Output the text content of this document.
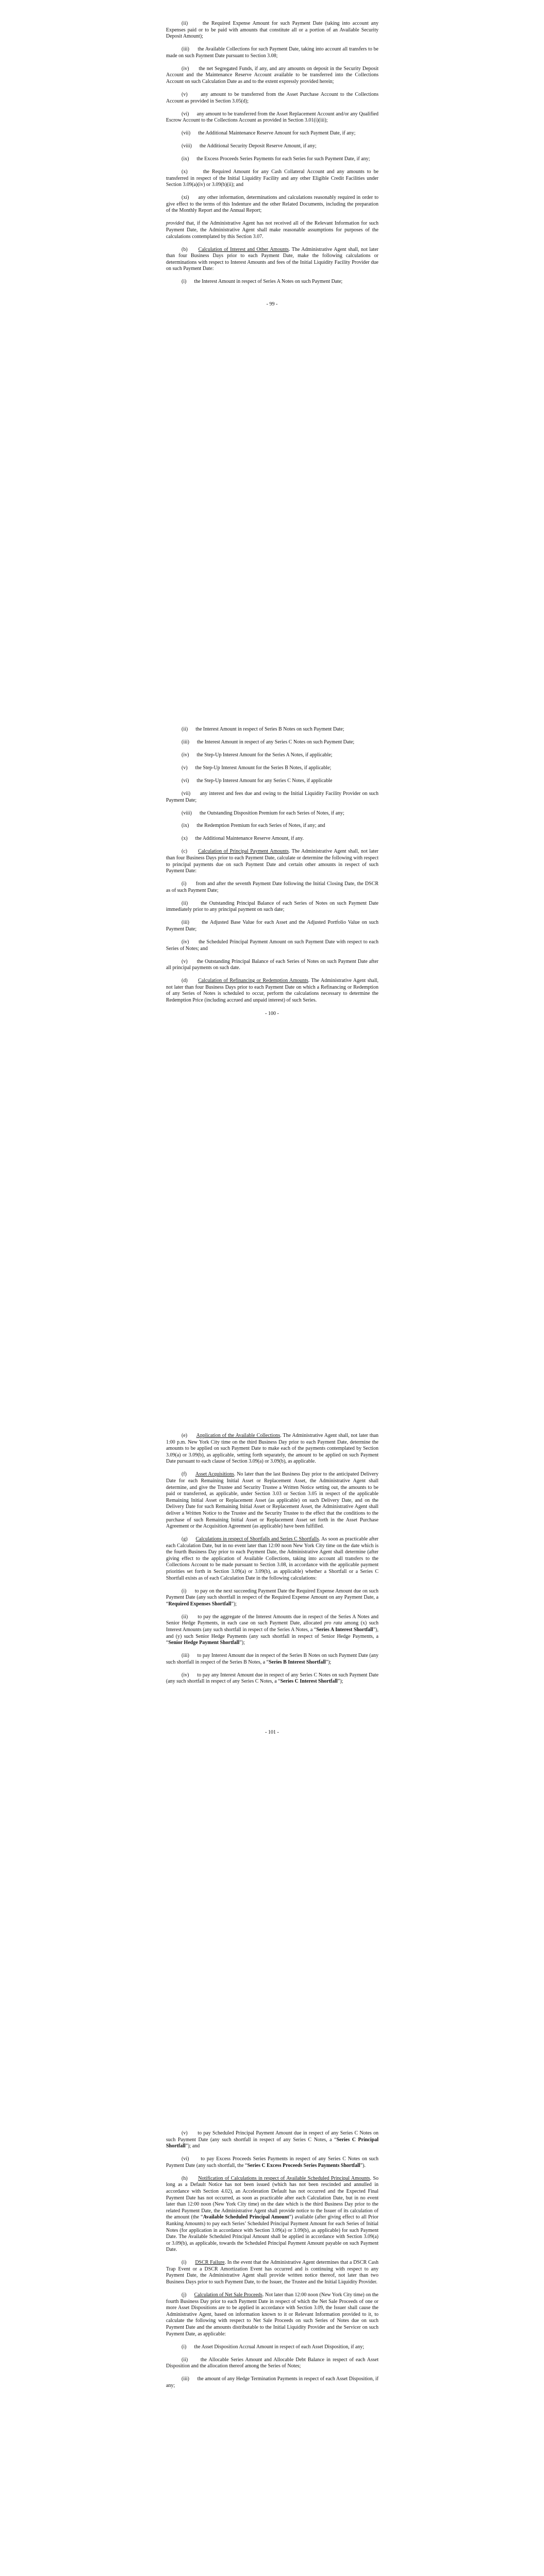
(ii)	the Required Expense Amount for such Payment Date (taking into account any Expenses paid or to be paid with amounts that constitute all or a portion of an Available Security Deposit Amount);

(iii) the Available Collections for such Payment Date, taking into account all transfers to be made on such Payment Date pursuant to Section 3.08;

(iv) the net Segregated Funds, if any, and any amounts on deposit in the Security Deposit Account and the Maintenance Reserve Account available to be transferred into the Collections Account on such Calculation Date as and to the extent expressly provided herein;

(v)	any amount to be transferred from the Asset Purchase Account to the Collections Account as provided in Section 3.05(d);

(vi) any amount to be transferred from the Asset Replacement Account and/or any Qualified Escrow Account to the Collections Account as provided in Section 3.01(i)(iii);

(vii) the Additional Maintenance Reserve Amount for such Payment Date, if any;

(viii) the Additional Security Deposit Reserve Amount, if any;

(ix) the Excess Proceeds Series Payments for each Series for such Payment Date, if any;

(x)	the Required Amount for any Cash Collateral Account and any amounts to be transferred in respect of the Initial Liquidity Facility and any other Eligible Credit Facilities under Section 3.09(a)(iv) or 3.09(b)(ii); and

(xi) any other information, determinations and calculations reasonably required in order to give effect to the terms of this Indenture and the other Related Documents, including the preparation of the Monthly Report and the Annual Report;

provided that, if the Administrative Agent has not received all of the Relevant Information for such Payment Date, the Administrative Agent shall make reasonable assumptions for purposes of the calculations contemplated by this Section 3.07.

(b) Calculation of Interest and Other Amounts. The Administrative Agent shall, not later than four Business Days prior to each Payment Date, make the following calculations or determinations with respect to Interest Amounts and fees of the Initial Liquidity Facility Provider due on such Payment Date:

(i) the Interest Amount in respect of Series A Notes on such Payment Date;

- 99 -

(ii) the Interest Amount in respect of Series B Notes on such Payment Date;

(iii) the Interest Amount in respect of any Series C Notes on such Payment Date;

(iv) the Step-Up Interest Amount for the Series A Notes, if applicable;

(v) the Step-Up Interest Amount for the Series B Notes, if applicable;

(vi) the Step-Up Interest Amount for any Series C Notes, if applicable

(vii) any interest and fees due and owing to the Initial Liquidity Facility Provider on such Payment Date;

(viii) the Outstanding Disposition Premium for each Series of Notes, if any;

(ix) the Redemption Premium for each Series of Notes, if any; and

(x) the Additional Maintenance Reserve Amount, if any.

(c) Calculation of Principal Payment Amounts. The Administrative Agent shall, not later than four Business Days prior to each Payment Date, calculate or determine the following with respect to principal payments due on such Payment Date and certain other amounts in respect of such Payment Date:

(i) from and after the seventh Payment Date following the Initial Closing Date, the DSCR as of such Payment Date;

(ii)	the Outstanding Principal Balance of each Series of Notes on such Payment Date immediately prior to any principal payment on such date;

(iii) the Adjusted Base Value for each Asset and the Adjusted Portfolio Value on such Payment Date;

(iv) the Scheduled Principal Payment Amount on such Payment Date with respect to each Series of Notes; and

(v) the Outstanding Principal Balance of each Series of Notes on such Payment Date after all principal payments on such date.

(d) Calculation of Refinancing or Redemption Amounts. The Administrative Agent shall, not later than four Business Days prior to each Payment Date on which a Refinancing or Redemption of any Series of Notes is scheduled to occur, perform the calculations necessary to determine the Redemption Price (including accrued and unpaid interest) of such Series.

- 100 -

(e) Application of the Available Collections. The Administrative Agent shall, not later than 1:00 p.m. New York City time on the third Business Day prior to each Payment Date, determine the amounts to be applied on such Payment Date to make each of the payments contemplated by Section 3.09(a) or 3.09(b), as applicable, setting forth separately, the amount to be applied on such Payment Date pursuant to each clause of Section 3.09(a) or 3.09(b), as applicable.

(f) Asset Acquisitions. No later than the last Business Day prior to the anticipated Delivery Date for each Remaining Initial Asset or Replacement Asset, the Administrative Agent shall determine, and give the Trustee and Security Trustee a Written Notice setting out, the amounts to be paid or transferred, as applicable, under Section 3.03 or Section 3.05 in respect of the applicable Remaining Initial Asset or Replacement Asset (as applicable) on such Delivery Date, and on the Delivery Date for such Remaining Initial Asset or Replacement Asset, the Administrative Agent shall deliver a Written Notice to the Trustee and the Security Trustee to the effect that the conditions to the purchase of such Remaining Initial Asset or Replacement Asset set forth in the Asset Purchase Agreement or the Acquisition Agreement (as applicable) have been fulfilled.

(g) Calculations in respect of Shortfalls and Series C Shortfalls. As soon as practicable after each Calculation Date, but in no event later than 12:00 noon New York City time on the date which is the fourth Business Day prior to each Payment Date, the Administrative Agent shall determine (after giving effect to the application of Available Collections, taking into account all transfers to the Collections Account to be made pursuant to Section 3.08, in accordance with the applicable payment priorities set forth in Section 3.09(a) or 3.09(b), as applicable) whether a Shortfall or a Series C Shortfall exists as of each Calculation Date in the following calculations:

(i) to pay on the next succeeding Payment Date the Required Expense Amount due on such Payment Date (any such shortfall in respect of the Required Expense Amount on any Payment Date, a “Required Expenses Shortfall”);

(ii) to pay the aggregate of the Interest Amounts due in respect of the Series A Notes and Senior Hedge Payments, in each case on such Payment Date, allocated pro rata among (x) such Interest Amounts (any such shortfall in respect of the Series A Notes, a “Series A Interest Shortfall”), and (y) such Senior Hedge Payments (any such shortfall in respect of Senior Hedge Payments, a “Senior Hedge Payment Shortfall”);

(iii) to pay Interest Amount due in respect of the Series B Notes on such Payment Date (any such shortfall in respect of the Series B Notes, a “Series B Interest Shortfall”);

(iv) to pay any Interest Amount due in respect of any Series C Notes on such Payment Date (any such shortfall in respect of any Series C Notes, a “Series C Interest Shortfall”);

- 101 -

(v) to pay Scheduled Principal Payment Amount due in respect of any Series C Notes on such Payment Date (any such shortfall in respect of any Series C Notes, a “Series C Principal Shortfall”); and

(vi) to pay Excess Proceeds Series Payments in respect of any Series C Notes on such Payment Date (any such shortfall, the “Series C Excess Proceeds Series Payments Shortfall”).

(h) Notification of Calculations in respect of Available Scheduled Principal Amounts. So long as a Default Notice has not been issued (which has not been rescinded and annulled in accordance with Section 4.02), an Acceleration Default has not occurred and the Expected Final Payment Date has not occurred, as soon as practicable after each Calculation Date, but in no event later than 12:00 noon (New York City time) on the date which is the third Business Day prior to the related Payment Date, the Administrative Agent shall provide notice to the Issuer of its calculation of the amount (the “Available Scheduled Principal Amount”) available (after giving effect to all Prior Ranking Amounts) to pay each Series’ Scheduled Principal Payment Amount for each Series of Initial Notes (for application in accordance with Section 3.09(a) or 3.09(b), as applicable) for such Payment Date. The Available Scheduled Principal Amount shall be applied in accordance with Section 3.09(a) or 3.09(b), as applicable, towards the Scheduled Principal Payment Amount payable on such Payment Date.

(i) DSCR Failure. In the event that the Administrative Agent determines that a DSCR Cash Trap Event or a DSCR Amortization Event has occurred and is continuing with respect to any Payment Date, the Administrative Agent shall provide written notice thereof, not later than two Business Days prior to such Payment Date, to the Issuer, the Trustee and the Initial Liquidity Provider.

(j) Calculation of Net Sale Proceeds. Not later than 12:00 noon (New York City time) on the fourth Business Day prior to each Payment Date in respect of which the Net Sale Proceeds of one or more Asset Dispositions are to be applied in accordance with Section 3.09, the Issuer shall cause the Administrative Agent, based on information known to it or Relevant Information provided to it, to calculate the following with respect to Net Sale Proceeds on such Series of Notes due on such Payment Date and the amounts distributable to the Initial Liquidity Provider and the Servicer on such Payment Date, as applicable:

(i) the Asset Disposition Accrual Amount in respect of each Asset Disposition, if any;

(ii) the Allocable Series Amount and Allocable Debt Balance in respect of each Asset Disposition and the allocation thereof among the Series of Notes;

(iii) the amount of any Hedge Termination Payments in respect of each Asset Disposition, if any;
